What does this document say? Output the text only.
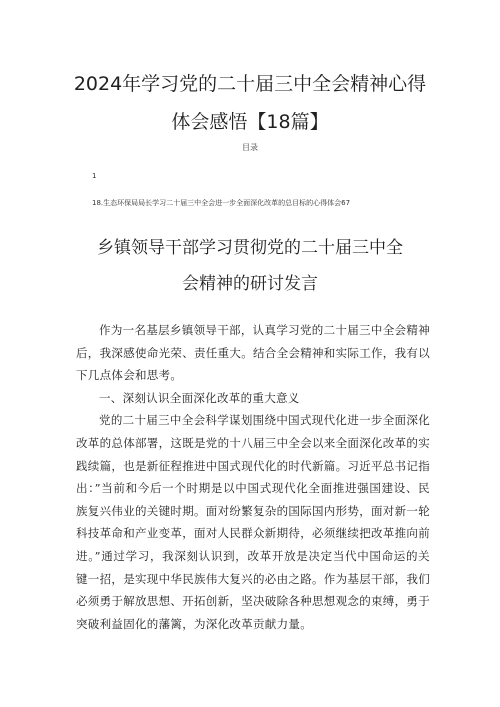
2024年学习党的二十届三中全会精神心得
体会感悟【18篇】
目录
1
18.生态环保局局长学习二十届三中全会进一步全面深化改革的总目标的心得体会67
乡镇领导干部学习贯彻党的二十届三中全
会精神的研讨发言

作为一名基层乡镇领导干部，认真学习党的二十届三中全会精神后，我深感使命光荣、责任重大。结合全会精神和实际工作，我有以下几点体会和思考。

一、深刻认识全面深化改革的重大意义

党的二十届三中全会科学谋划围绕中国式现代化进一步全面深化改革的总体部署，这既是党的十八届三中全会以来全面深化改革的实践续篇，也是新征程推进中国式现代化的时代新篇。习近平总书记指出：”当前和今后一个时期是以中国式现代化全面推进强国建设、民族复兴伟业的关键时期。面对纷繁复杂的国际国内形势，面对新一轮科技革命和产业变革，面对人民群众新期待，必须继续把改革推向前进。”通过学习，我深刻认识到，改革开放是决定当代中国命运的关键一招，是实现中华民族伟大复兴的必由之路。作为基层干部，我们必须勇于解放思想、开拓创新，坚决破除各种思想观念的束缚，勇于突破利益固化的藩篱，为深化改革贡献力量。
